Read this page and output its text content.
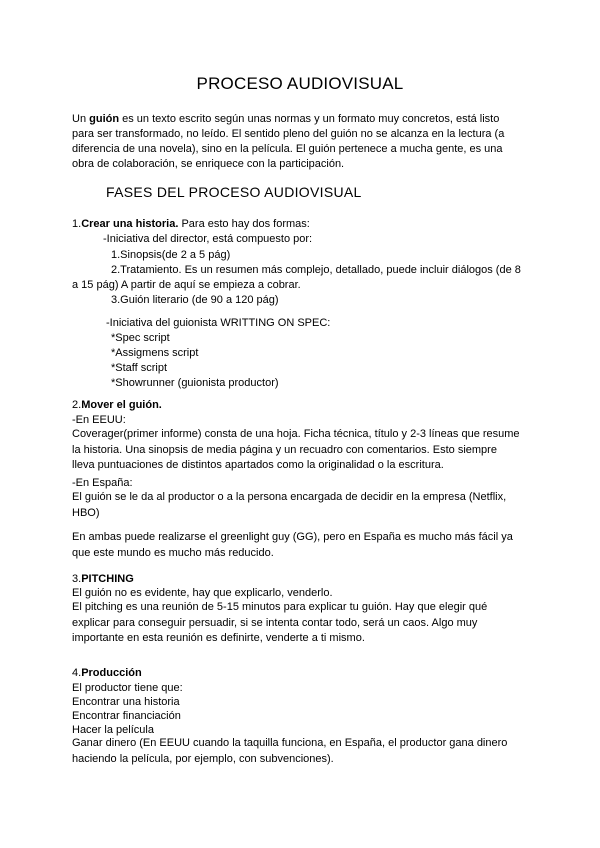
PROCESO AUDIOVISUAL
Un guión es un texto escrito según unas normas y un formato muy concretos, está listo para ser transformado, no leído. El sentido pleno del guión no se alcanza en la lectura (a diferencia de una novela), sino en la película. El guión pertenece a mucha gente, es una obra de colaboración, se enriquece con la participación.
FASES DEL PROCESO AUDIOVISUAL
1.Crear una historia. Para esto hay dos formas:
-Iniciativa del director, está compuesto por:
1.Sinopsis(de 2 a 5 pág)
2.Tratamiento. Es un resumen más complejo, detallado, puede incluir diálogos (de 8
a 15 pág) A partir de aquí se empieza a cobrar.
3.Guión literario (de 90 a 120 pág)
-Iniciativa del guionista WRITTING ON SPEC:
*Spec script
*Assigmens script
*Staff script
*Showrunner (guionista productor)
2.Mover el guión.
-En EEUU:
Coverager(primer informe) consta de una hoja. Ficha técnica, título y 2-3 líneas que resume la historia. Una sinopsis de media página y un recuadro con comentarios. Esto siempre lleva puntuaciones de distintos apartados como la originalidad o la escritura.
-En España:
El guión se le da al productor o a la persona encargada de decidir en la empresa (Netflix, HBO)
En ambas puede realizarse el greenlight guy (GG), pero en España es mucho más fácil ya que este mundo es mucho más reducido.
3.PITCHING
El guión no es evidente, hay que explicarlo, venderlo.
El pitching es una reunión de 5-15 minutos para explicar tu guión. Hay que elegir qué explicar para conseguir persuadir, si se intenta contar todo, será un caos. Algo muy importante en esta reunión es definirte, venderte a ti mismo.
4.Producción
El productor tiene que:
Encontrar una historia
Encontrar financiación
Hacer la película
Ganar dinero (En EEUU cuando la taquilla funciona, en España, el productor gana dinero haciendo la película, por ejemplo, con subvenciones).
